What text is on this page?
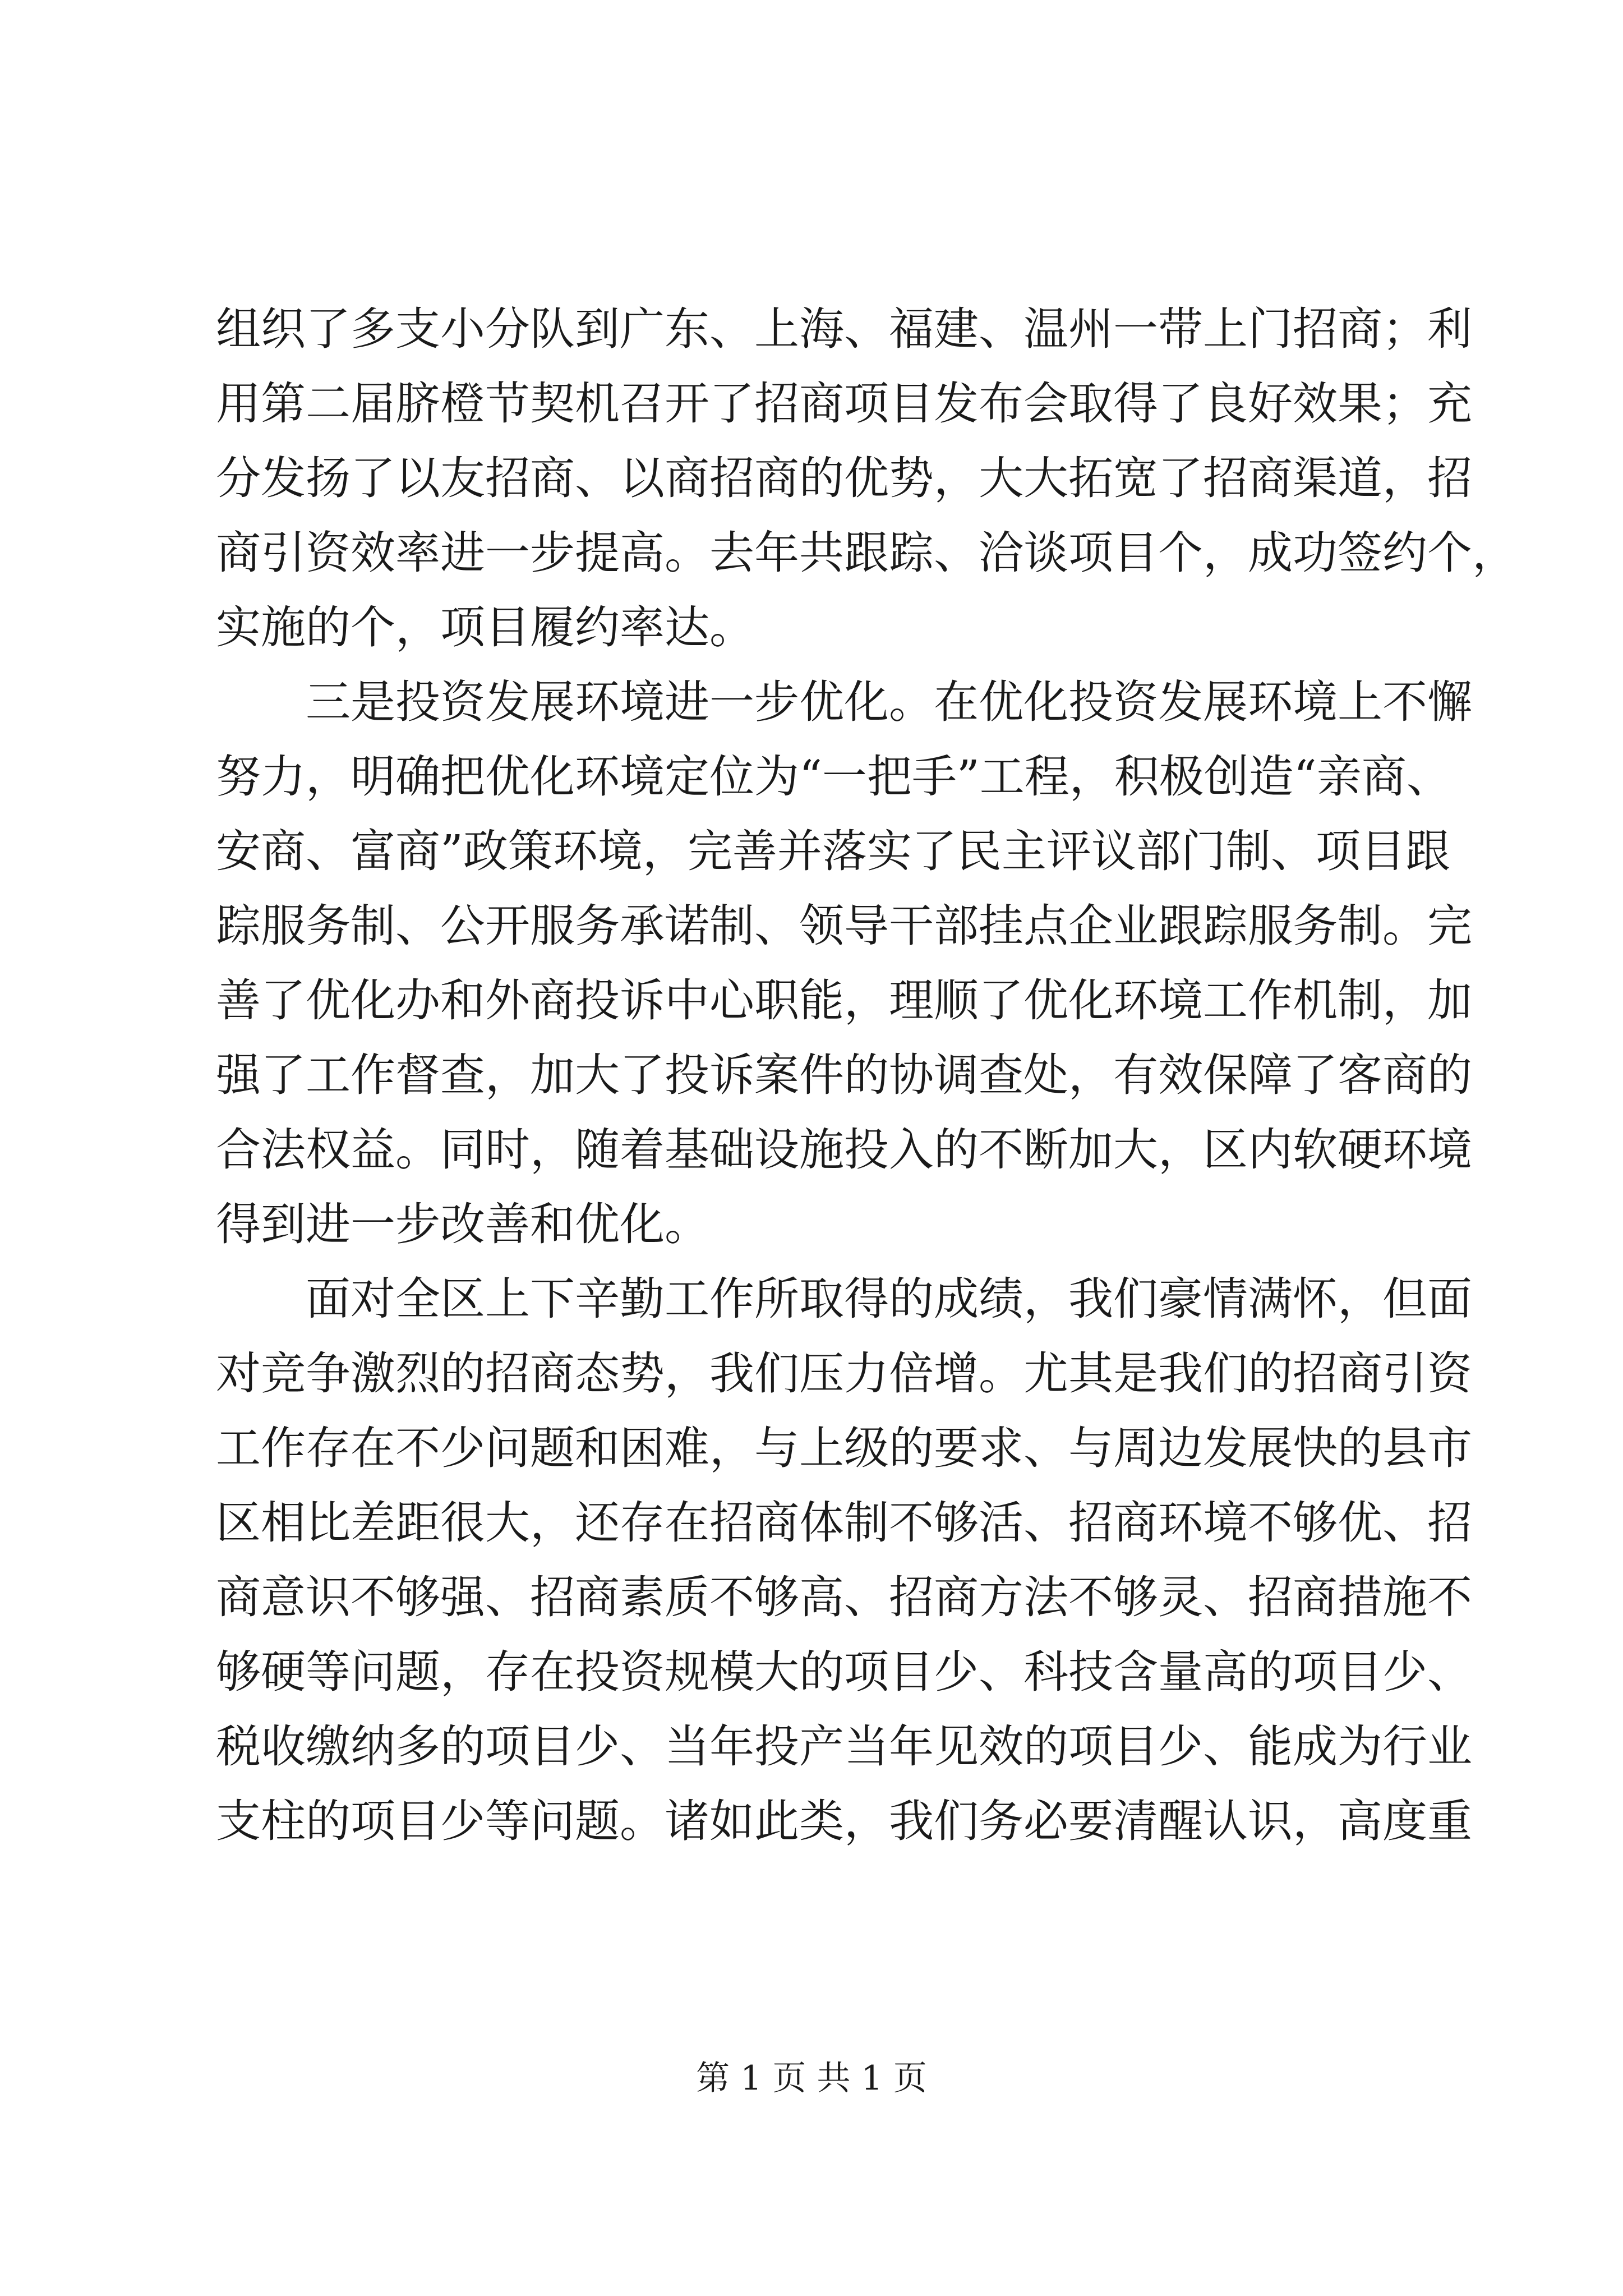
组织了多支小分队到广东、上海、福建、温州一带上门招商；利
用第二届脐橙节契机召开了招商项目发布会取得了良好效果；充
分发扬了以友招商、以商招商的优势，大大拓宽了招商渠道，招
商引资效率进一步提高。去年共跟踪、洽谈项目个，成功签约个，
实施的个，项目履约率达。
三是投资发展环境进一步优化。在优化投资发展环境上不懈
努力，明确把优化环境定位为“一把手”工程，积极创造“亲商、
安商、富商”政策环境，完善并落实了民主评议部门制、项目跟
踪服务制、公开服务承诺制、领导干部挂点企业跟踪服务制。完
善了优化办和外商投诉中心职能，理顺了优化环境工作机制，加
强了工作督查，加大了投诉案件的协调查处，有效保障了客商的
合法权益。同时，随着基础设施投入的不断加大，区内软硬环境
得到进一步改善和优化。
面对全区上下辛勤工作所取得的成绩，我们豪情满怀，但面
对竞争激烈的招商态势，我们压力倍增。尤其是我们的招商引资
工作存在不少问题和困难，与上级的要求、与周边发展快的县市
区相比差距很大，还存在招商体制不够活、招商环境不够优、招
商意识不够强、招商素质不够高、招商方法不够灵、招商措施不
够硬等问题，存在投资规模大的项目少、科技含量高的项目少、
税收缴纳多的项目少、当年投产当年见效的项目少、能成为行业
支柱的项目少等问题。诸如此类，我们务必要清醒认识，高度重
第 1 页 共 1 页
